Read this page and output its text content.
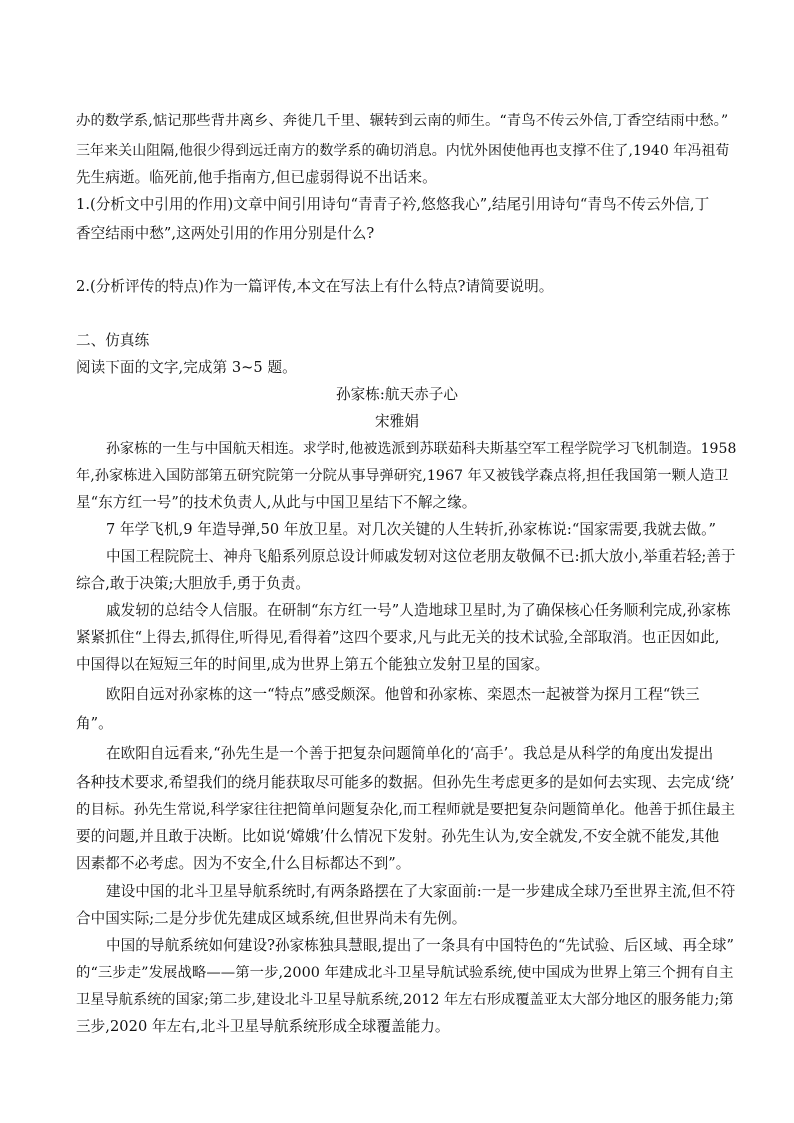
办的数学系,惦记那些背井离乡、奔徙几千里、辗转到云南的师生。“青鸟不传云外信,丁香空结雨中愁。”
三年来关山阻隔,他很少得到远迁南方的数学系的确切消息。内忧外困使他再也支撑不住了,1940 年冯祖荀
先生病逝。临死前,他手指南方,但已虚弱得说不出话来。
1.(分析文中引用的作用)文章中间引用诗句“青青子衿,悠悠我心”,结尾引用诗句“青鸟不传云外信,丁
香空结雨中愁”,这两处引用的作用分别是什么?
2.(分析评传的特点)作为一篇评传,本文在写法上有什么特点?请简要说明。
二、仿真练
阅读下面的文字,完成第 3~5 题。
孙家栋:航天赤子心
宋雅娟
孙家栋的一生与中国航天相连。求学时,他被选派到苏联茹科夫斯基空军工程学院学习飞机制造。1958
年,孙家栋进入国防部第五研究院第一分院从事导弹研究,1967 年又被钱学森点将,担任我国第一颗人造卫
星“东方红一号”的技术负责人,从此与中国卫星结下不解之缘。
7 年学飞机,9 年造导弹,50 年放卫星。对几次关键的人生转折,孙家栋说:“国家需要,我就去做。”
中国工程院院士、神舟飞船系列原总设计师戚发轫对这位老朋友敬佩不已:抓大放小,举重若轻;善于
综合,敢于决策;大胆放手,勇于负责。
戚发轫的总结令人信服。在研制“东方红一号”人造地球卫星时,为了确保核心任务顺利完成,孙家栋
紧紧抓住“上得去,抓得住,听得见,看得着”这四个要求,凡与此无关的技术试验,全部取消。也正因如此,
中国得以在短短三年的时间里,成为世界上第五个能独立发射卫星的国家。
欧阳自远对孙家栋的这一“特点”感受颇深。他曾和孙家栋、栾恩杰一起被誉为探月工程“铁三
角”。
在欧阳自远看来,“孙先生是一个善于把复杂问题简单化的‘高手’。我总是从科学的角度出发提出
各种技术要求,希望我们的绕月能获取尽可能多的数据。但孙先生考虑更多的是如何去实现、去完成‘绕’
的目标。孙先生常说,科学家往往把简单问题复杂化,而工程师就是要把复杂问题简单化。他善于抓住最主
要的问题,并且敢于决断。比如说‘嫦娥’什么情况下发射。孙先生认为,安全就发,不安全就不能发,其他
因素都不必考虑。因为不安全,什么目标都达不到”。
建设中国的北斗卫星导航系统时,有两条路摆在了大家面前:一是一步建成全球乃至世界主流,但不符
合中国实际;二是分步优先建成区域系统,但世界尚未有先例。
中国的导航系统如何建设?孙家栋独具慧眼,提出了一条具有中国特色的“先试验、后区域、再全球”
的“三步走”发展战略——第一步,2000 年建成北斗卫星导航试验系统,使中国成为世界上第三个拥有自主
卫星导航系统的国家;第二步,建设北斗卫星导航系统,2012 年左右形成覆盖亚太大部分地区的服务能力;第
三步,2020 年左右,北斗卫星导航系统形成全球覆盖能力。
